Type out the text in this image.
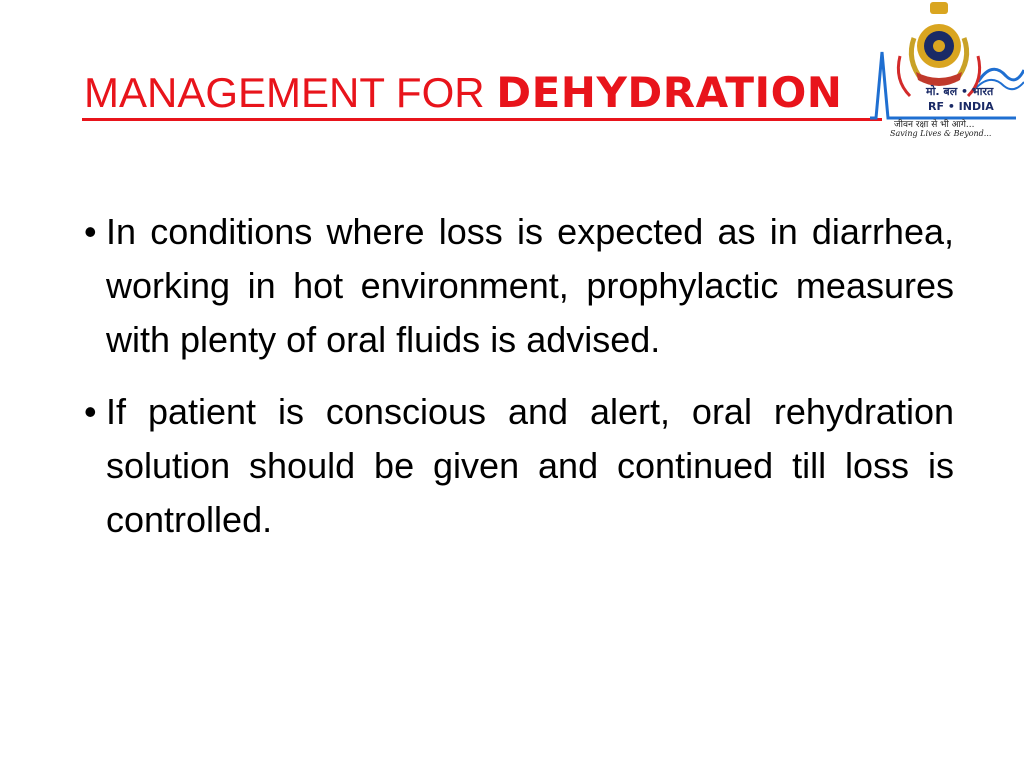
MANAGEMENT FOR DEHYDRATION	मो. बल • भारत
RF • INDIA
जीवन रक्षा से भी आगे...
Saving Lives & Beyond...
• In conditions where loss is expected as in diarrhea, working in hot environment, prophylactic measures with plenty of oral fluids is advised.
• If patient is conscious and alert, oral rehydration solution should be given and continued till loss is controlled.
